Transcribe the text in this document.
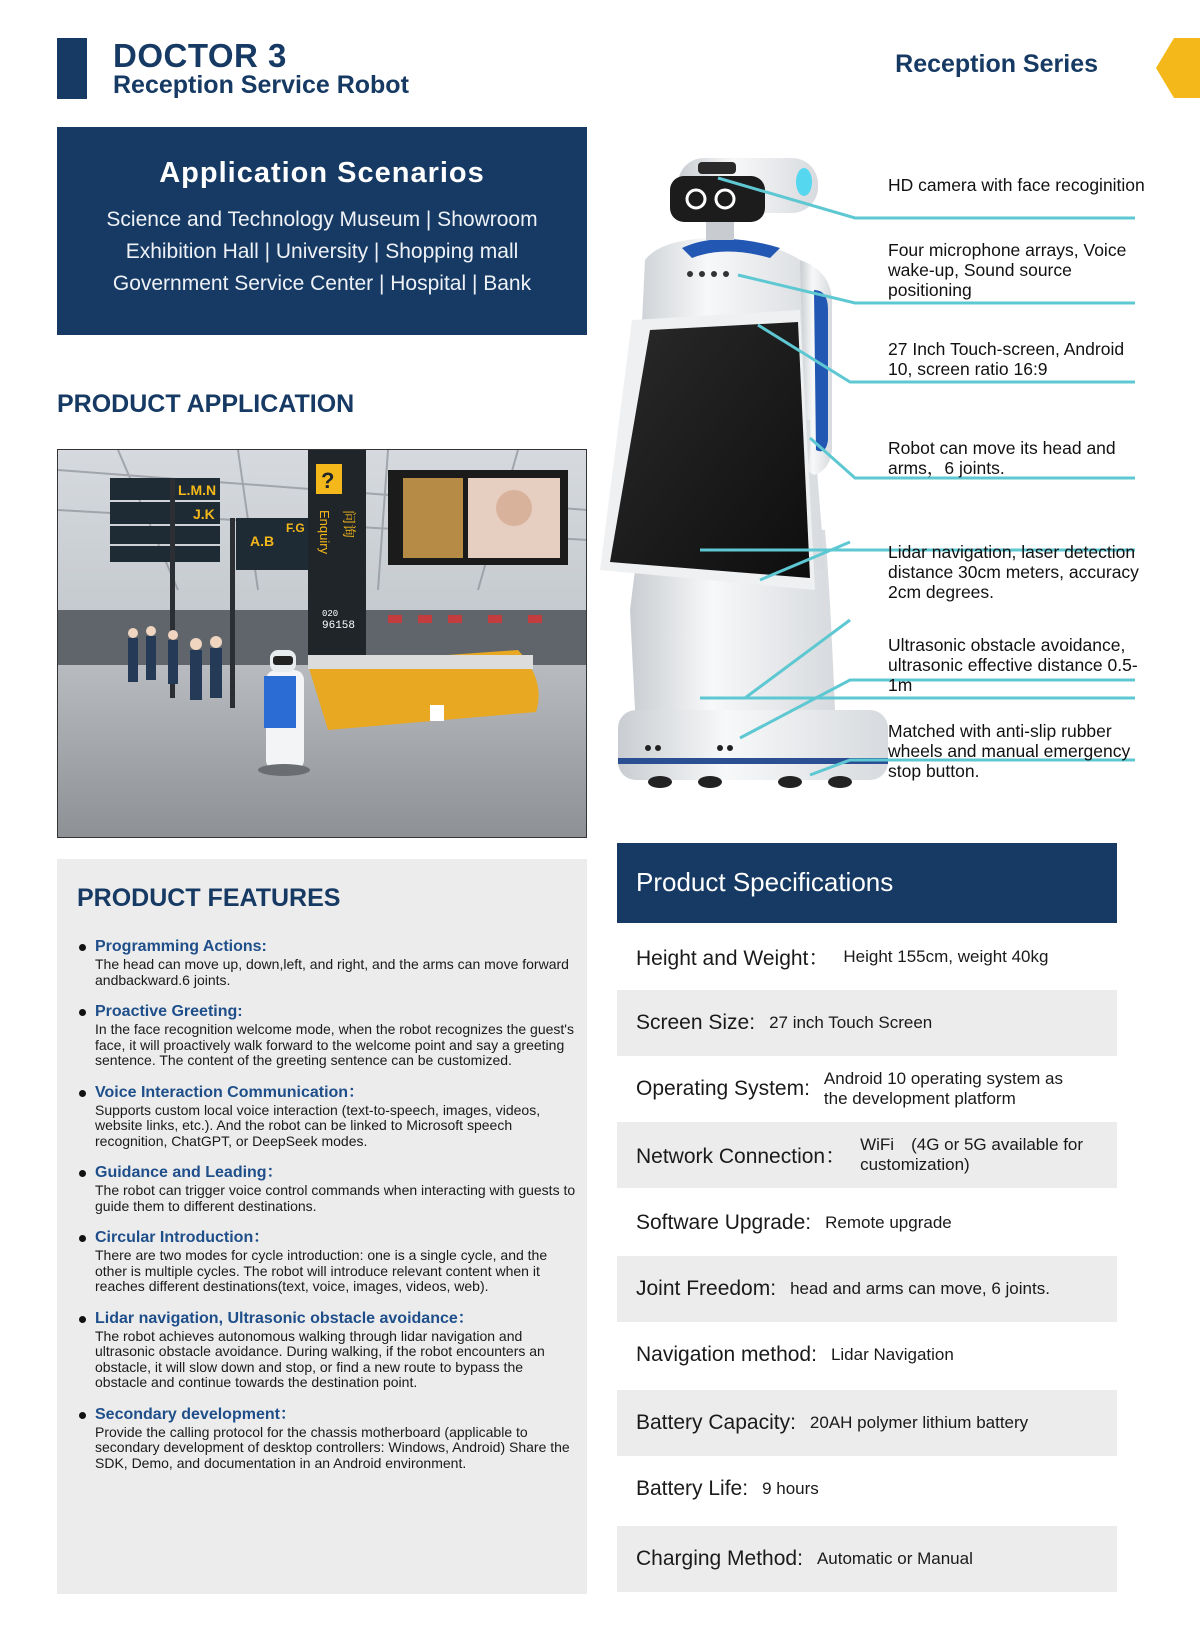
DOCTOR 3
Reception Service Robot
Reception Series
Application Scenarios
Science and Technology Museum | Showroom
Exhibition Hall | University | Shopping mall
Government Service Center | Hospital | Bank
PRODUCT APPLICATION
L.M.N
J.K
A.B
F.G
?
Enquiry 问询
020
96158
PRODUCT FEATURES
Programming Actions:
The head can move up, down,left, and right, and the arms can move forward andbackward.6 joints.
Proactive Greeting:
In the face recognition welcome mode, when the robot recognizes the guest's face, it will proactively walk forward to the welcome point and say a greeting sentence. The content of the greeting sentence can be customized.
Voice Interaction Communication：
Supports custom local voice interaction (text-to-speech, images, videos, website links, etc.). And the robot can be linked to Microsoft speech recognition, ChatGPT, or DeepSeek modes.
Guidance and Leading：
The robot can trigger voice control commands when interacting with guests to guide them to different destinations.
Circular Introduction：
There are two modes for cycle introduction: one is a single cycle, and the other is multiple cycles. The robot will introduce relevant content when it reaches different destinations(text, voice, images, videos, web).
Lidar navigation, Ultrasonic obstacle avoidance：
The robot achieves autonomous walking through lidar navigation and ultrasonic obstacle avoidance. During walking, if the robot encounters an obstacle, it will slow down and stop, or find a new route to bypass the obstacle and continue towards the destination point.
Secondary development：
Provide the calling protocol for the chassis motherboard (applicable to secondary development of desktop controllers: Windows, Android) Share the SDK, Demo, and documentation in an Android environment.
HD camera with face recoginition
Four microphone arrays, Voice wake-up, Sound source positioning
27 Inch Touch-screen, Android 10, screen ratio 16:9
Robot can move its head and arms，6 joints.
Lidar navigation, laser detection distance 30cm meters, accuracy 2cm degrees.
Ultrasonic obstacle avoidance, ultrasonic effective distance 0.5-1m
Matched with anti-slip rubber wheels and manual emergency stop button.
Product Specifications
Height and Weight： Height 155cm, weight 40kg
Screen Size: 27 inch Touch Screen
Operating System: Android 10 operating system as the development platform
Network Connection：
WiFi　(4G or 5G available for customization)
Software Upgrade: Remote upgrade
Joint Freedom: head and arms can move, 6 joints.
Navigation method: Lidar Navigation
Battery Capacity: 20AH polymer lithium battery
Battery Life: 9 hours
Charging Method: Automatic or Manual
